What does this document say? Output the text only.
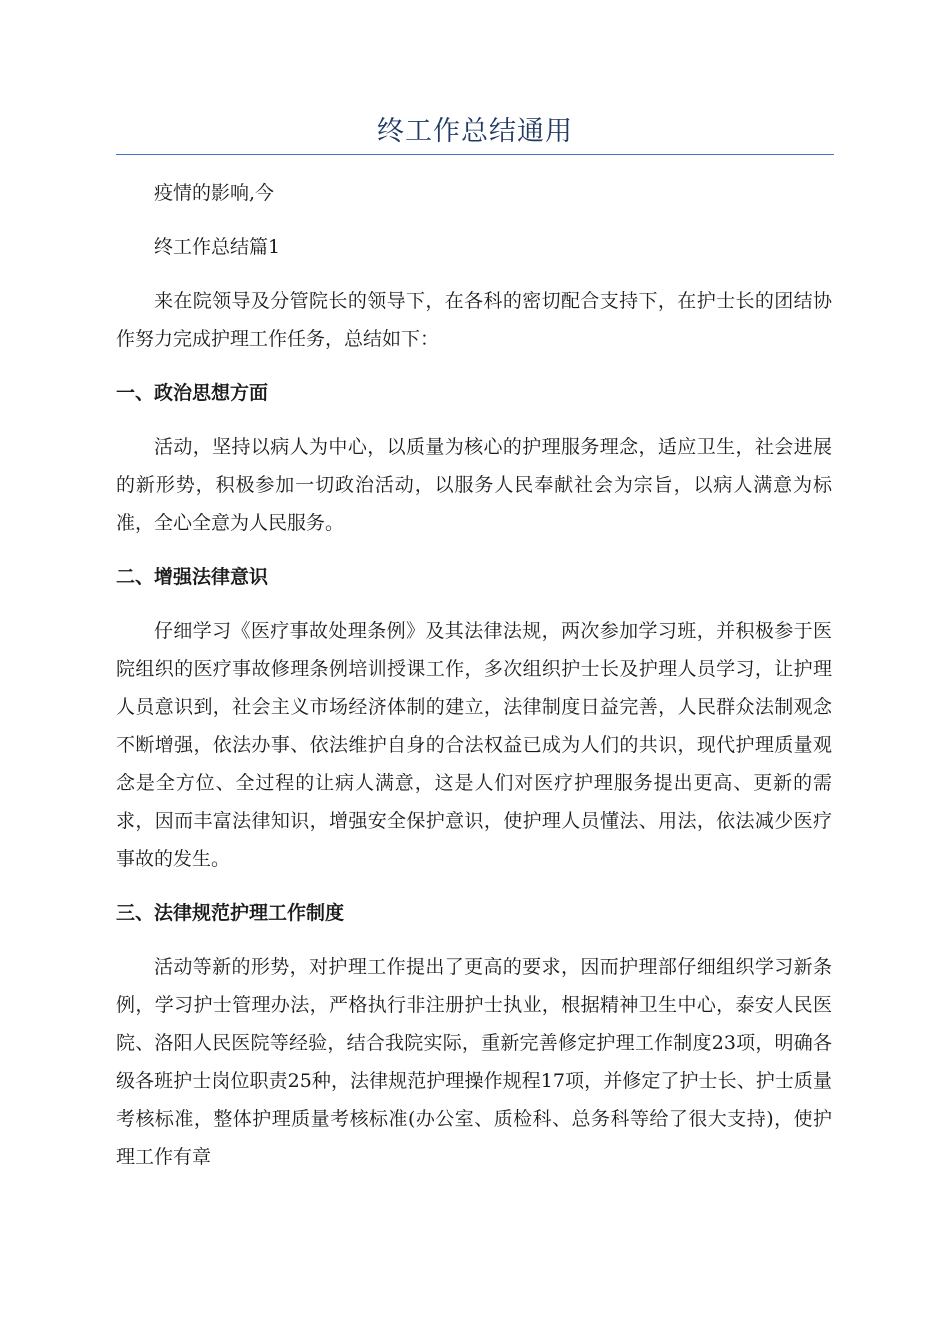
终工作总结通用

疫情的影响,今

终工作总结篇1

来在院领导及分管院长的领导下，在各科的密切配合支持下，在护士长的团结协作努力完成护理工作任务，总结如下：

一、政治思想方面

活动，坚持以病人为中心，以质量为核心的护理服务理念，适应卫生，社会进展的新形势，积极参加一切政治活动，以服务人民奉献社会为宗旨，以病人满意为标准，全心全意为人民服务。

二、增强法律意识

仔细学习《医疗事故处理条例》及其法律法规，两次参加学习班，并积极参于医院组织的医疗事故修理条例培训授课工作，多次组织护士长及护理人员学习，让护理人员意识到，社会主义市场经济体制的建立，法律制度日益完善，人民群众法制观念不断增强，依法办事、依法维护自身的合法权益已成为人们的共识，现代护理质量观念是全方位、全过程的让病人满意，这是人们对医疗护理服务提出更高、更新的需求，因而丰富法律知识，增强安全保护意识，使护理人员懂法、用法，依法减少医疗事故的发生。

三、法律规范护理工作制度

活动等新的形势，对护理工作提出了更高的要求，因而护理部仔细组织学习新条例，学习护士管理办法，严格执行非注册护士执业，根据精神卫生中心，泰安人民医院、洛阳人民医院等经验，结合我院实际，重新完善修定护理工作制度23项，明确各级各班护士岗位职责25种，法律规范护理操作规程17项，并修定了护士长、护士质量考核标准，整体护理质量考核标准(办公室、质检科、总务科等给了很大支持)，使护理工作有章
